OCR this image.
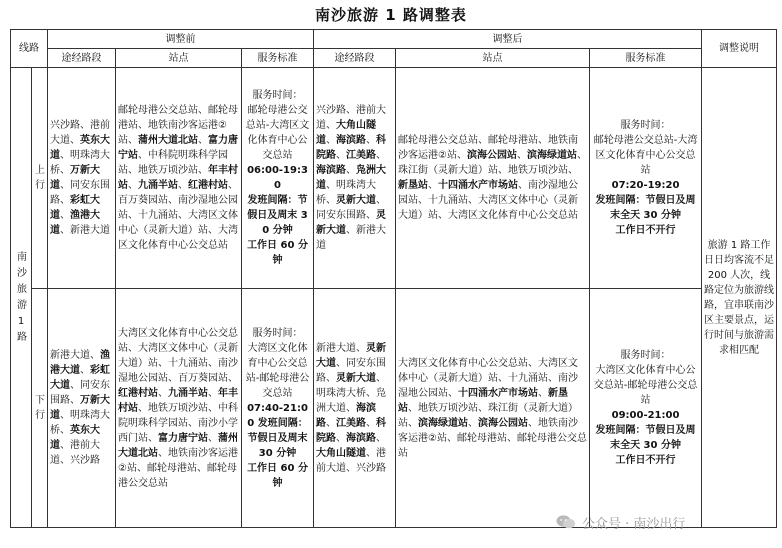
南沙旅游 1 路调整表
线路		调整前			调整后			调整说明
		途经路段	站点	服务标准	途经路段	站点	服务标准	
南沙旅游1路	上行	兴沙路、港前大道、英东大道、明珠湾大桥、万新大道、同安东围路、彩虹大道、渔港大道、新港大道	邮轮母港公交总站、邮轮母港站、地铁南沙客运港②站、蒲州大道北站、富力唐宁站、中科院明珠科学园站、地铁万顷沙站、年丰村站、九涌半站、红港村站、百万葵园站、南沙湿地公园站、十九涌站、大湾区文体中心（灵新大道）站、大湾区文化体育中心公交总站	服务时间：
邮轮母港公交总站-大湾区文化体育中心公交总站
06:00-19:30
发班间隔：节假日及周末 30 分钟
工作日 60 分钟	兴沙路、港前大道、大角山隧道、海滨路、科院路、江美路、海滨路、凫洲大道、明珠湾大桥、灵新大道、同安东围路、灵新大道、新港大道	邮轮母港公交总站、邮轮母港站、地铁南沙客运港②站、滨海公园站、滨海绿道站、珠江街（灵新大道）站、地铁万顷沙站、新垦站、十四涌水产市场站、南沙湿地公园站、十九涌站、大湾区文体中心（灵新大道）站、大湾区文化体育中心公交总站	服务时间：
邮轮母港公交总站-大湾区文化体育中心公交总站
07:20-19:20
发班间隔：节假日及周末全天 30 分钟
工作日不开行	旅游 1 路工作日日均客流不足 200 人次，线路定位为旅游线路，宜串联南沙区主要景点，运行时间与旅游需求相匹配
	下行	新港大道、渔港大道、彩虹大道、同安东围路、万新大道、明珠湾大桥、英东大道、港前大道、兴沙路	大湾区文化体育中心公交总站、大湾区文体中心（灵新大道）站、十九涌站、南沙湿地公园站、百万葵园站、红港村站、九涌半站、年丰村站、地铁万顷沙站、中科院明珠科学园站、南沙小学西门站、富力唐宁站、蒲州大道北站、地铁南沙客运港②站、邮轮母港站、邮轮母港公交总站	服务时间：
大湾区文化体育中心公交总站-邮轮母港公交总站
07:40-21:00 发班间隔：节假日及周末 30 分钟
工作日 60 分钟	新港大道、灵新大道、同安东围路、灵新大道、明珠湾大桥、凫洲大道、海滨路、江美路、科院路、海滨路、大角山隧道、港前大道、兴沙路	大湾区文化体育中心公交总站、大湾区文体中心（灵新大道）站、十九涌站、南沙湿地公园站、十四涌水产市场站、新垦站、地铁万顷沙站、珠江街（灵新大道）站、滨海绿道站、滨海公园站、地铁南沙客运港②站、邮轮母港站、邮轮母港公交总站	服务时间：
大湾区文化体育中心公交总站-邮轮母港公交总站
09:00-21:00
发班间隔：节假日及周末全天 30 分钟
工作日不开行	
公众号 · 南沙出行
